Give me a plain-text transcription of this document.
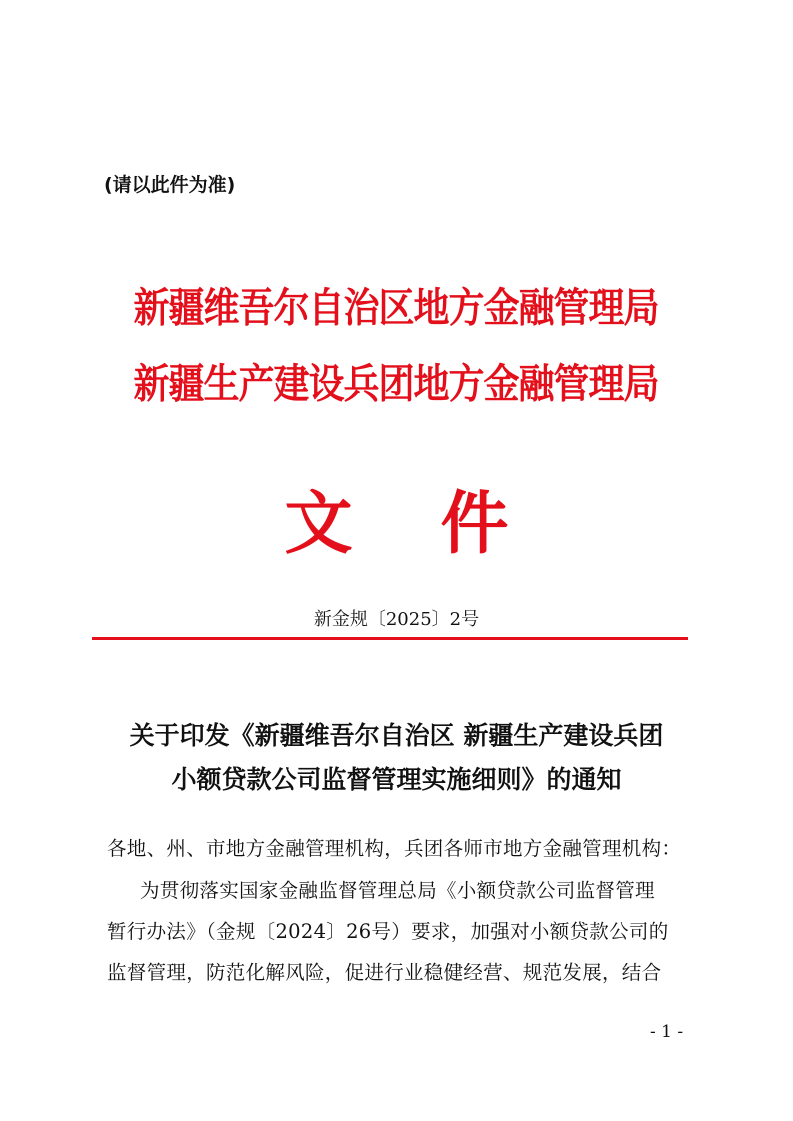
(请以此件为准)
新疆维吾尔自治区地方金融管理局
新疆生产建设兵团地方金融管理局
文件
新金规〔2025〕2号
关于印发《新疆维吾尔自治区 新疆生产建设兵团
小额贷款公司监督管理实施细则》的通知
各地、州、市地方金融管理机构，兵团各师市地方金融管理机构：
为贯彻落实国家金融监督管理总局《小额贷款公司监督管理
暂行办法》（金规〔2024〕26号）要求，加强对小额贷款公司的
监督管理，防范化解风险，促进行业稳健经营、规范发展，结合
- 1 -
